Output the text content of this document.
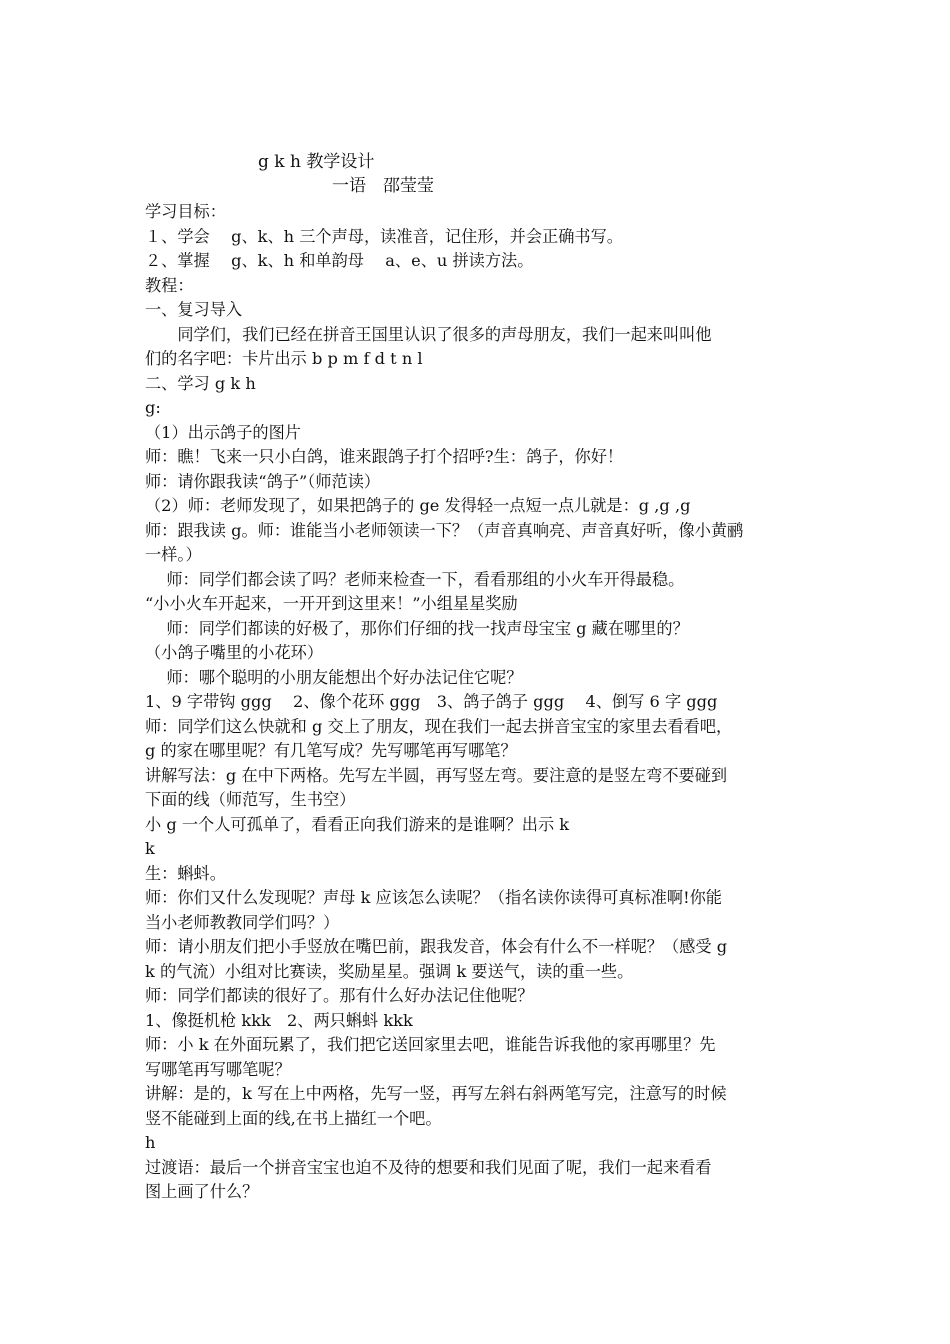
g k h 教学设计
一语　邵莹莹
学习目标：
１、学会　 g、k、h 三个声母，读准音，记住形，并会正确书写。
２、掌握　 g、k、h 和单韵母　 a、e、u 拼读方法。
教程：
一、复习导入
　　同学们，我们已经在拼音王国里认识了很多的声母朋友，我们一起来叫叫他
们的名字吧：卡片出示 b p m f d t n l
二、学习 g k h
g:
（1）出示鸽子的图片
师：瞧！飞来一只小白鸽，谁来跟鸽子打个招呼?生：鸽子，你好！
师：请你跟我读“鸽子”（师范读）
（2）师：老师发现了，如果把鸽子的 ge 发得轻一点短一点儿就是：g ,g ,g
师：跟我读 g。师：谁能当小老师领读一下？（声音真响亮、声音真好听，像小黄鹂
一样。）
　 师：同学们都会读了吗？老师来检查一下，看看那组的小火车开得最稳。
“小小火车开起来，一开开到这里来！”小组星星奖励
　 师：同学们都读的好极了，那你们仔细的找一找声母宝宝 g 藏在哪里的？
（小鸽子嘴里的小花环）
　 师：哪个聪明的小朋友能想出个好办法记住它呢？
1、9 字带钩 ggg　 2、像个花环 ggg　3、鸽子鸽子 ggg　 4、倒写 6 字 ggg
师：同学们这么快就和 g 交上了朋友，现在我们一起去拼音宝宝的家里去看看吧，
g 的家在哪里呢？有几笔写成？先写哪笔再写哪笔？
讲解写法：g 在中下两格。先写左半圆，再写竖左弯。要注意的是竖左弯不要碰到
下面的线（师范写，生书空）
小 g 一个人可孤单了，看看正向我们游来的是谁啊？出示 k
k
生：蝌蚪。
师：你们又什么发现呢？声母 k 应该怎么读呢？（指名读你读得可真标准啊!你能
当小老师教教同学们吗？）
师：请小朋友们把小手竖放在嘴巴前，跟我发音，体会有什么不一样呢？（感受 g
k 的气流）小组对比赛读，奖励星星。强调 k 要送气，读的重一些。
师：同学们都读的很好了。那有什么好办法记住他呢？
1、像挺机枪 kkk　2、两只蝌蚪 kkk
师：小 k 在外面玩累了，我们把它送回家里去吧，谁能告诉我他的家再哪里？先
写哪笔再写哪笔呢？
讲解：是的，k 写在上中两格，先写一竖，再写左斜右斜两笔写完，注意写的时候
竖不能碰到上面的线,在书上描红一个吧。
h
过渡语：最后一个拼音宝宝也迫不及待的想要和我们见面了呢，我们一起来看看
图上画了什么？
